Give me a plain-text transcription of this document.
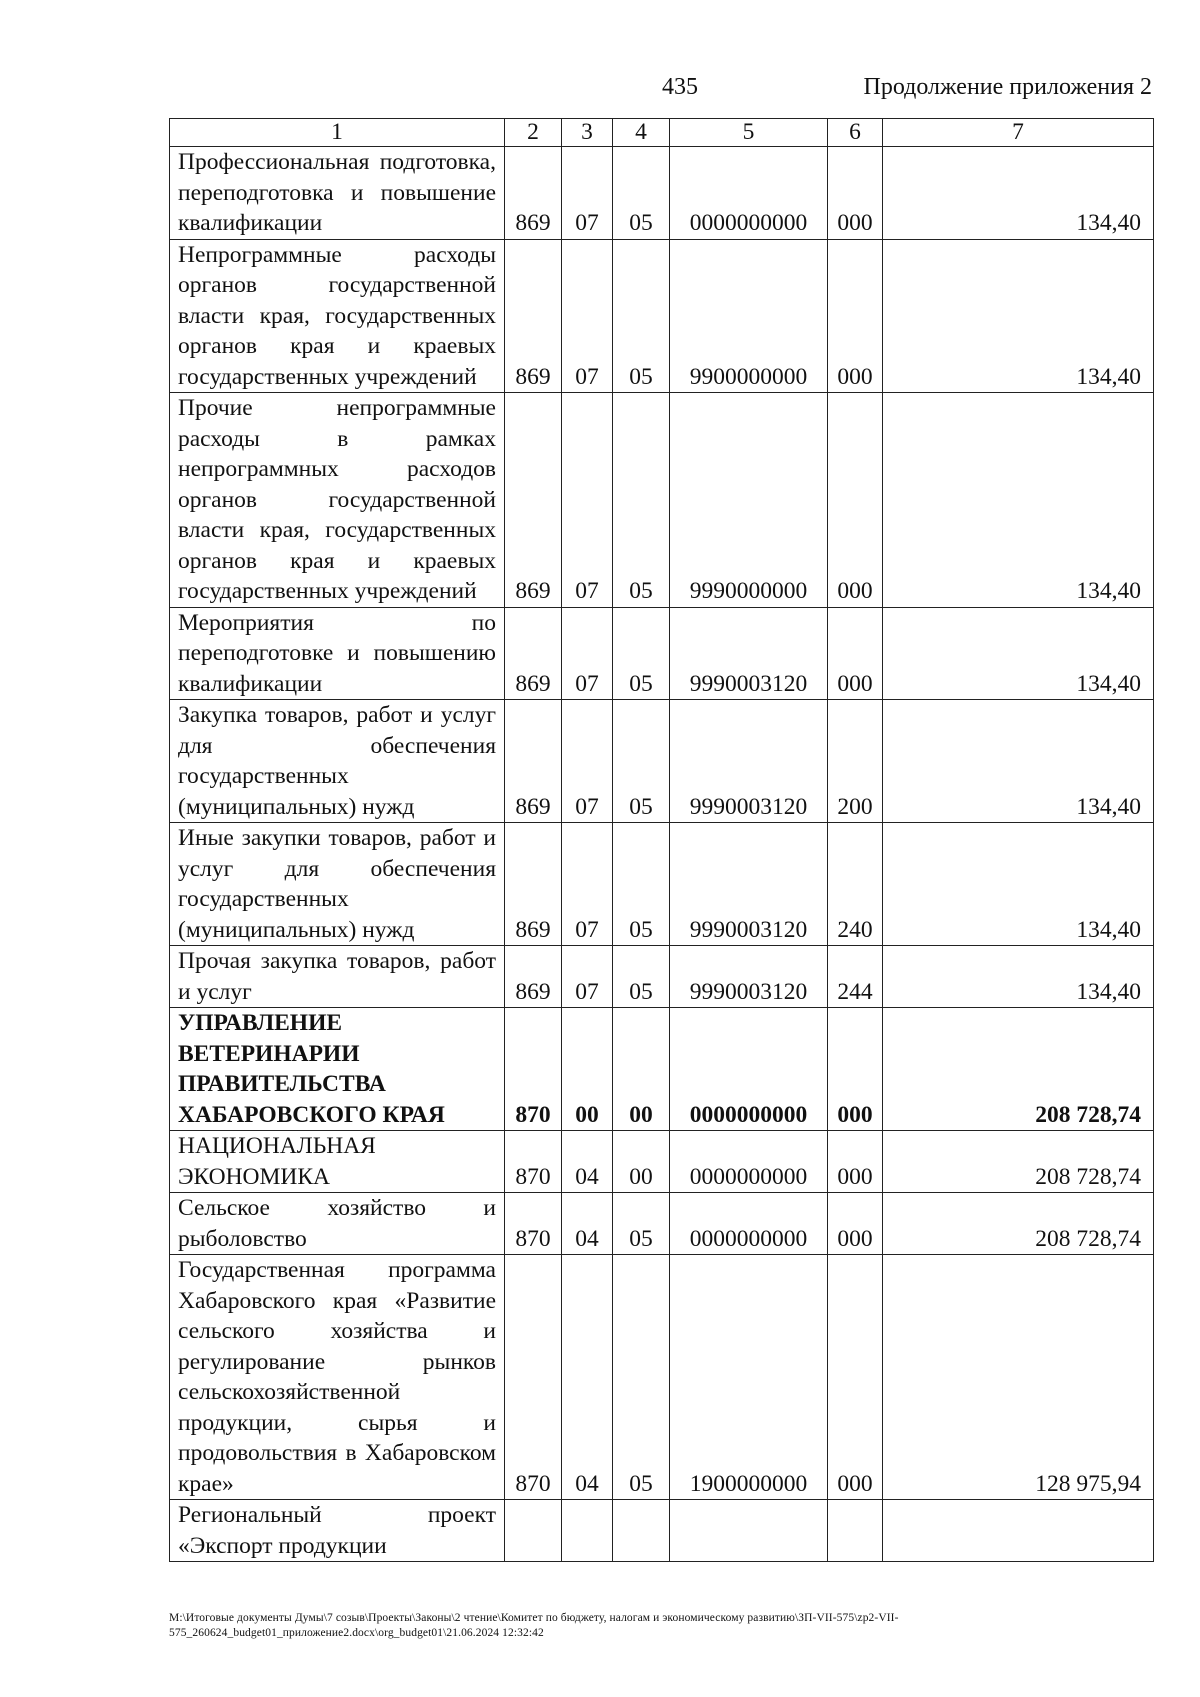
435	Продолжение приложения 2
1	2	3	4	5	6	7
Профессиональная подготовка, переподготовка и повышение квалификации	869	07	05	0000000000	000	134,40
Непрограммные расходы органов государственной власти края, государственных органов края и краевых государственных учреждений	869	07	05	9900000000	000	134,40
Прочие непрограммные расходы в рамках непрограммных расходов органов государственной власти края, государственных органов края и краевых государственных учреждений	869	07	05	9990000000	000	134,40
Мероприятия по переподготовке и повышению квалификации	869	07	05	9990003120	000	134,40
Закупка товаров, работ и услуг для обеспечения государственных (муниципальных) нужд	869	07	05	9990003120	200	134,40
Иные закупки товаров, работ и услуг для обеспечения государственных (муниципальных) нужд	869	07	05	9990003120	240	134,40
Прочая закупка товаров, работ и услуг	869	07	05	9990003120	244	134,40
УПРАВЛЕНИЕ ВЕТЕРИНАРИИ ПРАВИТЕЛЬСТВА ХАБАРОВСКОГО КРАЯ	870	00	00	0000000000	000	208 728,74
НАЦИОНАЛЬНАЯ ЭКОНОМИКА	870	04	00	0000000000	000	208 728,74
Сельское хозяйство и рыболовство	870	04	05	0000000000	000	208 728,74
Государственная программа Хабаровского края «Развитие сельского хозяйства и регулирование рынков сельскохозяйственной продукции, сырья и продовольствия в Хабаровском крае»	870	04	05	1900000000	000	128 975,94
Региональный проект «Экспорт продукции						
M:\Итоговые документы Думы\7 созыв\Проекты\Законы\2 чтение\Комитет по бюджету, налогам и экономическому развитию\ЗП-VII-575\zp2-VII-575_260624_budget01_приложение2.docx\org_budget01\21.06.2024 12:32:42
